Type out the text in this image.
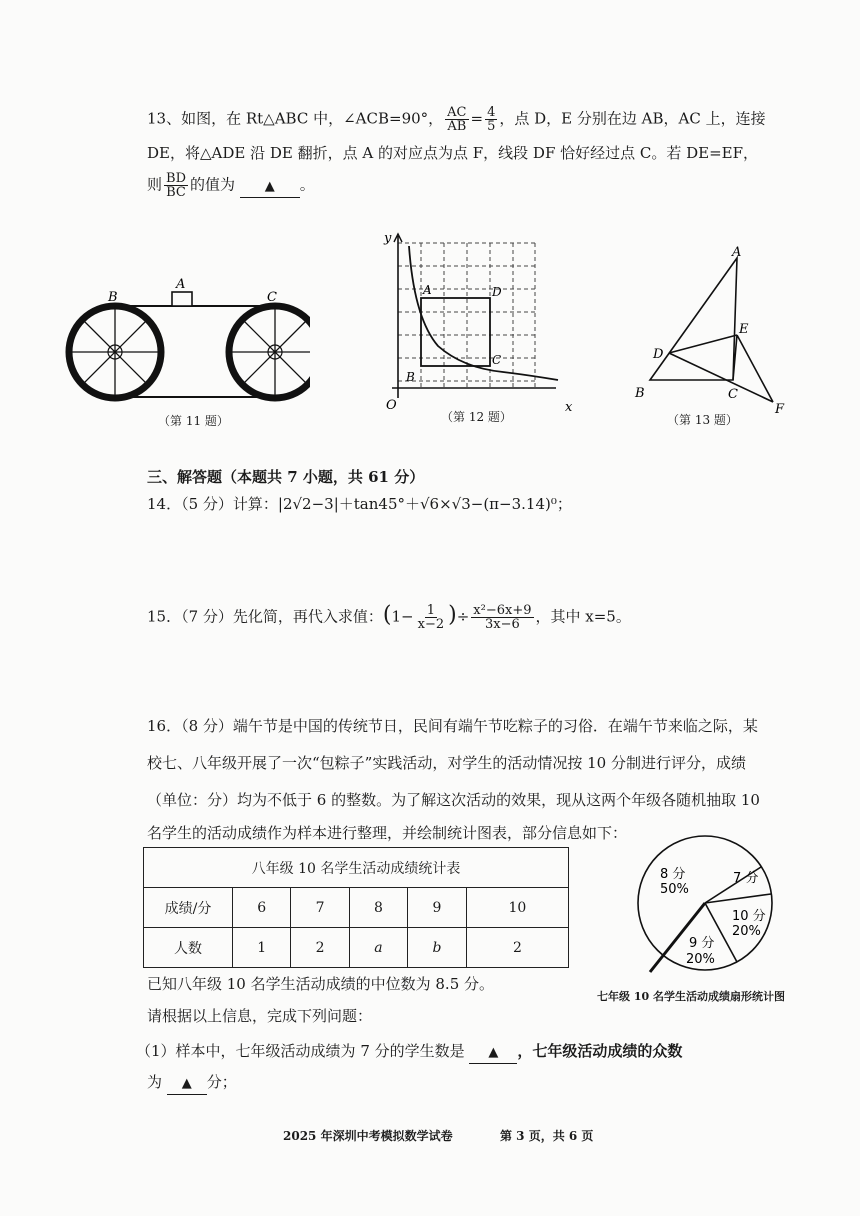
13、如图，在 Rt△ABC 中，∠ACB=90°， $\frac{AC}{AB} = \frac{4}{5}$ ，点 D，E 分别在边 AB，AC 上，连接
DE，将△ADE 沿 DE 翻折，点 A 的对应点为点 F，线段 DF 恰好经过点 C。若 DE=EF，
则 $\frac{BD}{BC}$ 的值为 ▲ 。
A
B	C
（第 11 题）
y
O	x
A	D
B
C
（第 12 题）
A
B	C
D
E
F
（第 13 题）
三、解答题（本题共 7 小题，共 61 分）
14．（5 分）计算：|2√2−3|＋tan45°＋√6×√3−(π−3.14)⁰；
15．（7 分）先化简，再代入求值：($1- \frac{1}{x-2}$ )÷ $\frac{\text{x²−6x+9}}{3x-6}$ ，其中 x=5。
16．（8 分）端午节是中国的传统节日，民间有端午节吃粽子的习俗．在端午节来临之际，某
校七、八年级开展了一次“包粽子”实践活动，对学生的活动情况按 10 分制进行评分，成绩
（单位：分）均为不低于 6 的整数。为了解这次活动的效果，现从这两个年级各随机抽取 10
名学生的活动成绩作为样本进行整理，并绘制统计图表，部分信息如下：
八年级 10 名学生活动成绩统计表					
成绩/分	6	7	8	9	10
人数	1	2	a	b	2
8 分
50%
7 分
10 分
20%
9 分
20%
七年级 10 名学生活动成绩扇形统计图
已知八年级 10 名学生活动成绩的中位数为 8.5 分。
请根据以上信息，完成下列问题：
（1）样本中，七年级活动成绩为 7 分的学生数是 ▲ ，七年级活动成绩的众数
为 ▲ 分；
2025 年深圳中考模拟数学试卷	第 3 页，共 6 页
